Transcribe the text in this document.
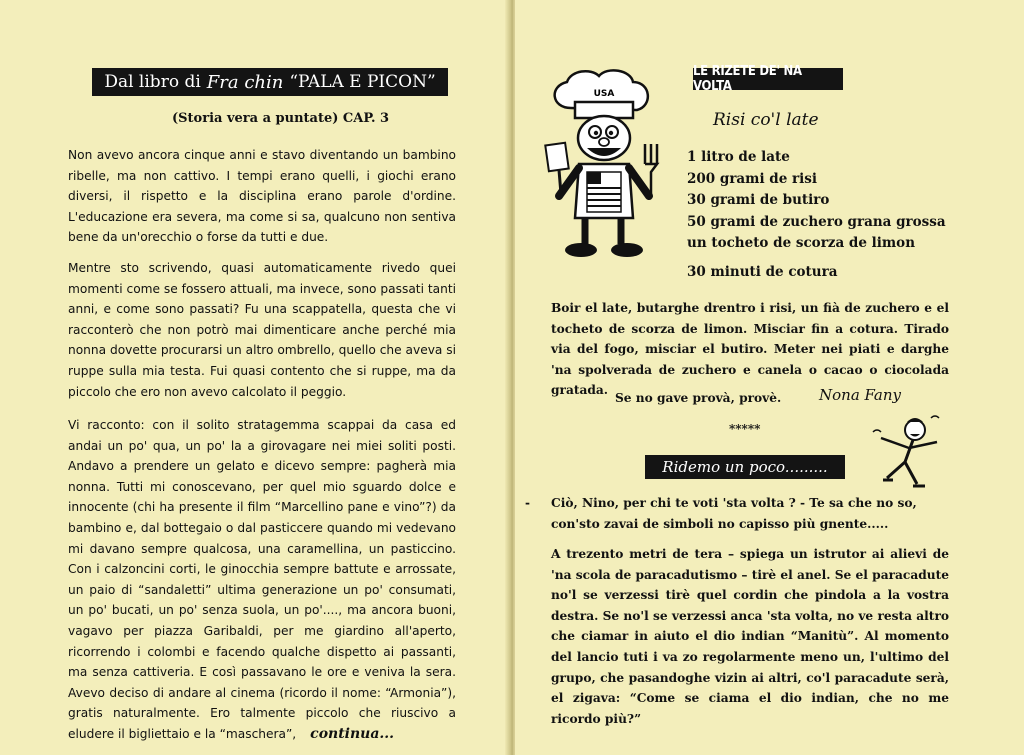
Dal libro di Fra chin “PALA E PICON”
(Storia vera a puntate) CAP. 3

Non avevo ancora cinque anni e stavo diventando un bambino ribelle, ma non cattivo. I tempi erano quelli, i giochi erano diversi, il rispetto e la disciplina erano parole d'ordine. L'educazione era severa, ma come si sa, qualcuno non sentiva bene da un'orecchio o forse da tutti e due.

Mentre sto scrivendo, quasi automaticamente rivedo quei momenti come se fossero attuali, ma invece, sono passati tanti anni, e come sono passati? Fu una scappatella, questa che vi racconterò che non potrò mai dimenticare anche perché mia nonna dovette procurarsi un altro ombrello, quello che aveva si ruppe sulla mia testa. Fui quasi contento che si ruppe, ma da piccolo che ero non avevo calcolato il peggio.

Vi racconto: con il solito stratagemma scappai da casa ed andai un po' qua, un po' la a girovagare nei miei soliti posti. Andavo a prendere un gelato e dicevo sempre: pagherà mia nonna. Tutti mi conoscevano, per quel mio sguardo dolce e innocente (chi ha presente il film “Marcellino pane e vino”?) da bambino e, dal bottegaio o dal pasticcere quando mi vedevano mi davano sempre qualcosa, una caramellina, un pasticcino. Con i calzoncini corti, le ginocchia sempre battute e arrossate, un paio di “sandaletti” ultima generazione un po' consumati, un po' bucati, un po' senza suola, un po'...., ma ancora buoni, vagavo per piazza Garibaldi, per me giardino all'aperto, ricorrendo i colombi e facendo qualche dispetto ai passanti, ma senza cattiveria. E così passavano le ore e veniva la sera. Avevo deciso di andare al cinema (ricordo il nome: “Armonia”), gratis naturalmente. Ero talmente piccolo che riuscivo a eludere il bigliettaio e la “maschera”, continua...

USA
LE RIZETE DE' NA VOLTA
Risi co'l late
1 litro de late
200 grami de risi
30 grami de butiro
50 grami de zuchero grana grossa
un tocheto de scorza de limon
30 minuti de cotura
Boir el late, butarghe drentro i risi, un fià de zuchero e el tocheto de scorza de limon. Misciar fin a cotura. Tirado via del fogo, misciar el butiro. Meter nei piati e darghe 'na spolverada de zuchero e canela o cacao o ciocolada gratada.
Se no gave provà, provè.	Nona Fany
*****
Ridemo un poco.........
- Ciò, Nino, per chi te voti 'sta volta ? - Te sa che no so, con'sto zavai de simboli no capisso più gnente.....
A trezento metri de tera – spiega un istrutor ai alievi de 'na scola de paracadutismo – tirè el anel. Se el paracadute no'l se verzessi tirè quel cordin che pindola a la vostra destra. Se no'l se verzessi anca 'sta volta, no ve resta altro che ciamar in aiuto el dio indian “Manitù”. Al momento del lancio tuti i va zo regolarmente meno un, l'ultimo del grupo, che pasandoghe vizin ai altri, co'l paracadute serà, el zigava: “Come se ciama el dio indian, che no me ricordo più?”
